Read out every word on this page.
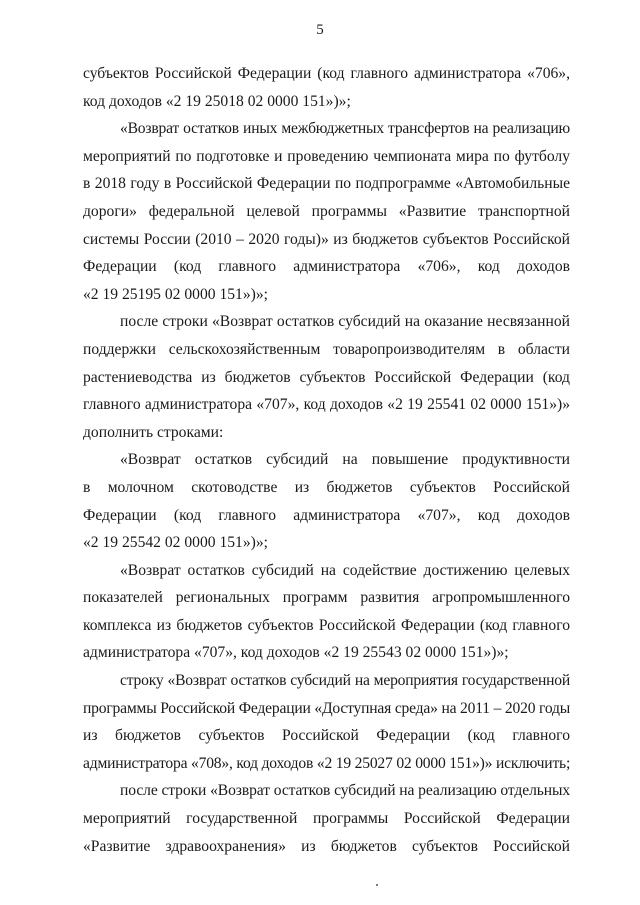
5

субъектов Российской Федерации (код главного администратора «706»,
код доходов «2 19 25018 02 0000 151»)»;

«Возврат остатков иных межбюджетных трансфертов на реализацию
мероприятий по подготовке и проведению чемпионата мира по футболу
в 2018 году в Российской Федерации по подпрограмме «Автомобильные
дороги» федеральной целевой программы «Развитие транспортной
системы России (2010 – 2020 годы)» из бюджетов субъектов Российской
Федерации (код главного администратора «706», код доходов
«2 19 25195 02 0000 151»)»;

после строки «Возврат остатков субсидий на оказание несвязанной
поддержки сельскохозяйственным товаропроизводителям в области
растениеводства из бюджетов субъектов Российской Федерации (код
главного администратора «707», код доходов «2 19 25541 02 0000 151»)»
дополнить строками:

«Возврат остатков субсидий на повышение продуктивности
в молочном скотоводстве из бюджетов субъектов Российской
Федерации (код главного администратора «707», код доходов
«2 19 25542 02 0000 151»)»;

«Возврат остатков субсидий на содействие достижению целевых
показателей региональных программ развития агропромышленного
комплекса из бюджетов субъектов Российской Федерации (код главного
администратора «707», код доходов «2 19 25543 02 0000 151»)»;

строку «Возврат остатков субсидий на мероприятия государственной
программы Российской Федерации «Доступная среда» на 2011 – 2020 годы
из бюджетов субъектов Российской Федерации (код главного
администратора «708», код доходов «2 19 25027 02 0000 151»)» исключить;

после строки «Возврат остатков субсидий на реализацию отдельных
мероприятий государственной программы Российской Федерации
«Развитие здравоохранения» из бюджетов субъектов Российской
